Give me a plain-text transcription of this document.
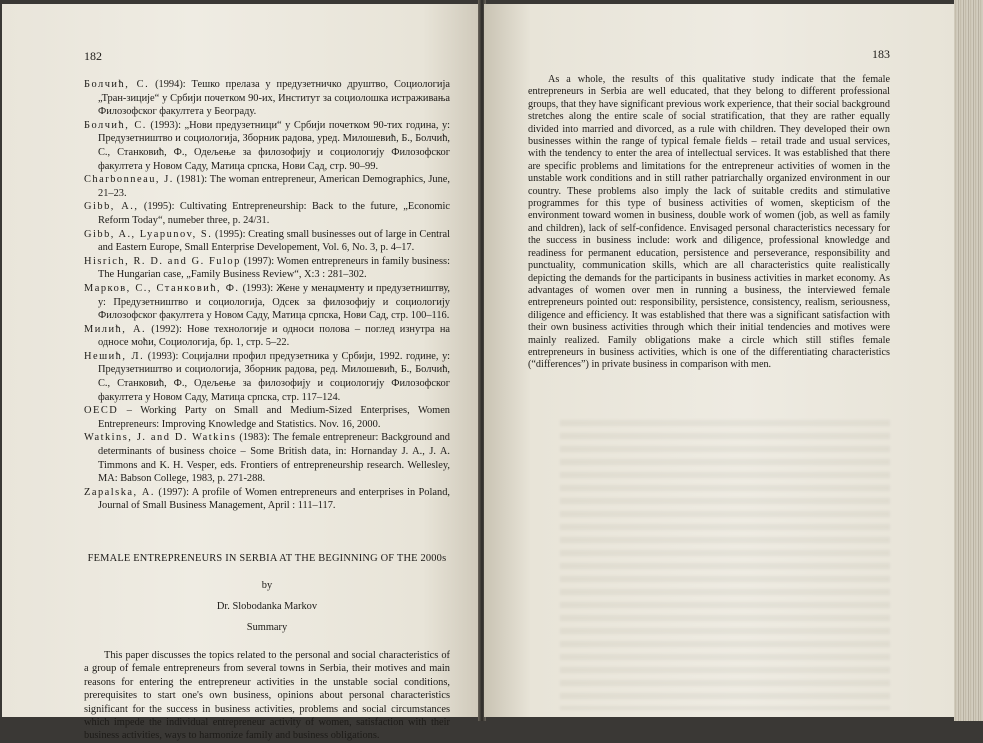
182

Болчић, С. (1994): Тешко прелаза у предузетничко друштво, Социологија „Тран-зиције“ у Србији почетком 90-их, Институт за социолошка истраживања Филозофског факултета у Београду.

Болчић, С. (1993): „Нови предузетници“ у Србији почетком 90-тих година, у: Предузетништво и социологија, Зборник радова, уред. Милошевић, Б., Болчић, С., Станковић, Ф., Одељење за филозофију и социологију Филозофског факултета у Новом Саду, Матица српска, Нови Сад, стр. 90–99.

Charbonneau, J. (1981): The woman entrepreneur, American Demographics, June, 21–23.

Gibb, A., (1995): Cultivating Entrepreneurship: Back to the future, „Economic Reform Today“, numeber three, p. 24/31.

Gibb, A., Lyapunov, S. (1995): Creating small businesses out of large in Central and Eastern Europe, Small Enterprise Developement, Vol. 6, No. 3, p. 4–17.

Hisrich, R. D. and G. Fulop (1997): Women entrepreneurs in family business: The Hungarian case, „Family Business Review“, X:3 : 281–302.

Марков, С., Станковић, Ф. (1993): Жене у менаџменту и предузетништву, у: Предузетништво и социологија, Одсек за филозофију и социологију Филозофског факултета у Новом Саду, Матица српска, Нови Сад, стр. 100–116.

Милић, А. (1992): Нове технологије и односи полова – поглед изнутра на односе моћи, Социологија, бр. 1, стр. 5–22.

Нешић, Л. (1993): Социјални профил предузетника у Србији, 1992. године, у: Предузетништво и социологија, Зборник радова, ред. Милошевић, Б., Болчић, С., Станковић, Ф., Одељење за филозофију и социологију Филозофског факултета у Новом Саду, Матица српска, стр. 117–124.

OECD – Working Party on Small and Medium-Sized Enterprises, Women Entrepreneurs: Improving Knowledge and Statistics. Nov. 16, 2000.

Watkins, J. and D. Watkins (1983): The female entrepreneur: Background and determinants of business choice – Some British data, in: Hornanday J. A., J. A. Timmons and K. H. Vesper, eds. Frontiers of entrepreneurship research. Wellesley, MA: Babson College, 1983, p. 271-288.

Zapalska, A. (1997): A profile of Women entrepreneurs and enterprises in Poland, Journal of Small Business Management, April : 111–117.

FEMALE ENTREPRENEURS IN SERBIA AT THE BEGINNING OF THE 2000s
by
Dr. Slobodanka Markov
Summary

This paper discusses the topics related to the personal and social characteristics of a group of female entrepreneurs from several towns in Serbia, their motives and main reasons for entering the entrepreneur activities in the unstable social conditions, prerequisites to start one's own business, opinions about personal characteristics significant for the success in business activities, problems and social circumstances which impede the individual entrepreneur activity of women, satisfaction with their business activities, ways to harmonize family and business obligations.

183

As a whole, the results of this qualitative study indicate that the female entrepreneurs in Serbia are well educated, that they belong to different professional groups, that they have significant previous work experience, that their social background stretches along the entire scale of social stratification, that they are rather equally divided into married and divorced, as a rule with children. They developed their own businesses within the range of typical female fields – retail trade and usual services, with the tendency to enter the area of intellectual services. It was established that there are specific problems and limitations for the entrepreneur activities of women in the unstable work conditions and in still rather patriarchally organized environment in our country. These problems also imply the lack of suitable credits and stimulative programmes for this type of business activities of women, skepticism of the environment toward women in business, double work of women (job, as well as family and children), lack of self-confidence. Envisaged personal characteristics necessary for the success in business include: work and diligence, professional knowledge and readiness for permanent education, persistence and perseverance, responsibility and punctuality, communication skills, which are all characteristics quite realistically depicting the demands for the participants in business activities in market economy. As advantages of women over men in running a business, the interviewed female entrepreneurs pointed out: responsibility, persistence, consistency, realism, seriousness, diligence and efficiency. It was established that there was a significant satisfaction with their own business activities through which their initial tendencies and motives were mainly realized. Family obligations make a circle which still stifles female entrepreneurs in business activities, which is one of the differentiating characteristics (“differences”) in private business in comparison with men.
